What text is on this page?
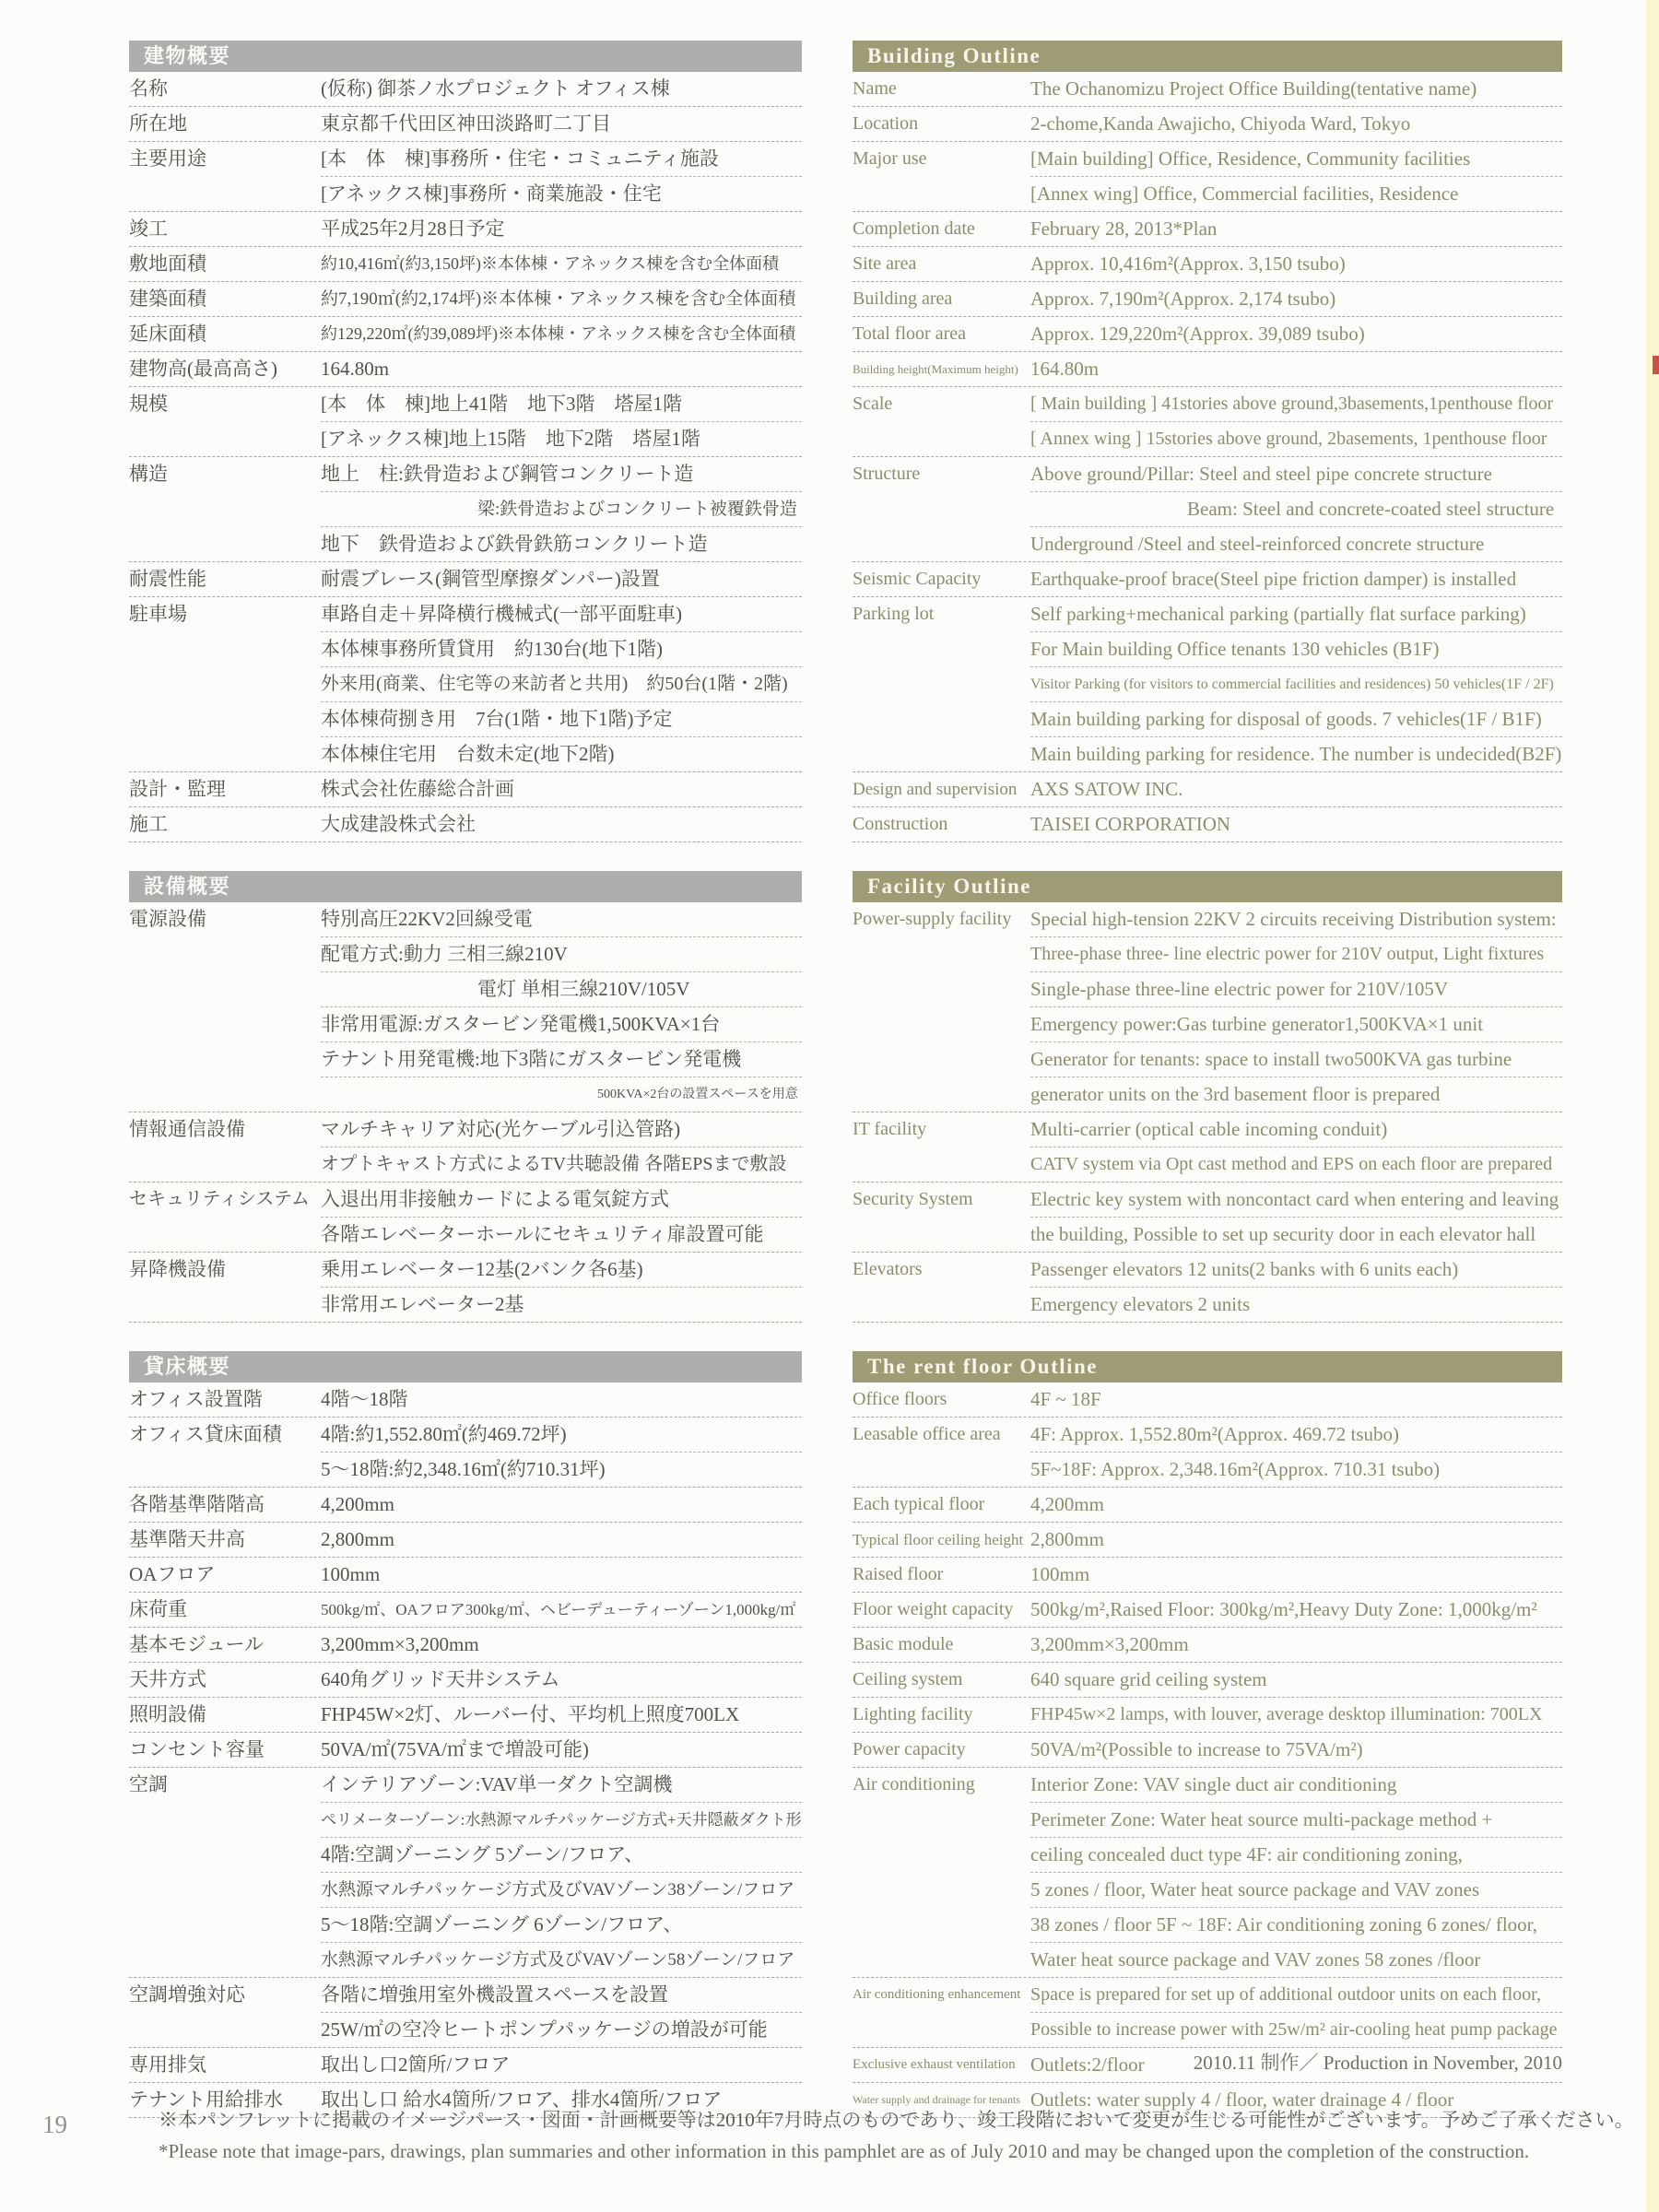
建物概要
名称	(仮称) 御茶ノ水プロジェクト オフィス棟
所在地	東京都千代田区神田淡路町二丁目
主要用途	[本　体　棟]事務所・住宅・コミュニティ施設
[アネックス棟]事務所・商業施設・住宅
竣工	平成25年2月28日予定
敷地面積	約10,416㎡(約3,150坪)※本体棟・アネックス棟を含む全体面積
建築面積	約7,190㎡(約2,174坪)※本体棟・アネックス棟を含む全体面積
延床面積	約129,220㎡(約39,089坪)※本体棟・アネックス棟を含む全体面積
建物高(最高高さ)	164.80m
規模	[本　体　棟]地上41階　地下3階　塔屋1階
[アネックス棟]地上15階　地下2階　塔屋1階
構造	地上　柱:鉄骨造および鋼管コンクリート造
梁:鉄骨造およびコンクリート被覆鉄骨造
地下　鉄骨造および鉄骨鉄筋コンクリート造
耐震性能	耐震ブレース(鋼管型摩擦ダンパー)設置
駐車場	車路自走＋昇降横行機械式(一部平面駐車)
本体棟事務所賃貸用　約130台(地下1階)
外来用(商業、住宅等の来訪者と共用)　約50台(1階・2階)
本体棟荷捌き用　7台(1階・地下1階)予定
本体棟住宅用　台数未定(地下2階)
設計・監理	株式会社佐藤総合計画
施工	大成建設株式会社
設備概要
電源設備	特別高圧22KV2回線受電
配電方式:動力 三相三線210V
電灯 単相三線210V/105V
非常用電源:ガスタービン発電機1,500KVA×1台
テナント用発電機:地下3階にガスタービン発電機
500KVA×2台の設置スペースを用意
情報通信設備	マルチキャリア対応(光ケーブル引込管路)
オプトキャスト方式によるTV共聴設備 各階EPSまで敷設
セキュリティシステム 入退出用非接触カードによる電気錠方式
各階エレベーターホールにセキュリティ扉設置可能
昇降機設備	乗用エレベーター12基(2バンク各6基)
非常用エレベーター2基
貸床概要
オフィス設置階	4階〜18階
オフィス貸床面積	4階:約1,552.80㎡(約469.72坪)
5〜18階:約2,348.16㎡(約710.31坪)
各階基準階階高	4,200mm
基準階天井高	2,800mm
OAフロア	100mm
床荷重	500kg/㎡、OAフロア300kg/㎡、ヘビーデューティーゾーン1,000kg/㎡
基本モジュール	3,200mm×3,200mm
天井方式	640角グリッド天井システム
照明設備	FHP45W×2灯、ルーバー付、平均机上照度700LX
コンセント容量	50VA/㎡(75VA/㎡まで増設可能)
空調	インテリアゾーン:VAV単一ダクト空調機
ペリメーターゾーン:水熱源マルチパッケージ方式+天井隠蔽ダクト形
4階:空調ゾーニング 5ゾーン/フロア、
水熱源マルチパッケージ方式及びVAVゾーン38ゾーン/フロア
5〜18階:空調ゾーニング 6ゾーン/フロア、
水熱源マルチパッケージ方式及びVAVゾーン58ゾーン/フロア
空調増強対応	各階に増強用室外機設置スペースを設置
25W/㎡の空冷ヒートポンプパッケージの増設が可能
専用排気	取出し口2箇所/フロア
テナント用給排水	取出し口 給水4箇所/フロア、排水4箇所/フロア
Building Outline
Name	The Ochanomizu Project Office Building(tentative name)
Location	2-chome,Kanda Awajicho, Chiyoda Ward, Tokyo
Major use	[Main building] Office, Residence, Community facilities
[Annex wing] Office, Commercial facilities, Residence
Completion date	February 28, 2013*Plan
Site area	Approx. 10,416m²(Approx. 3,150 tsubo)
Building area	Approx. 7,190m²(Approx. 2,174 tsubo)
Total floor area	Approx. 129,220m²(Approx. 39,089 tsubo)
Building height(Maximum height) 164.80m
Scale	[ Main building ] 41stories above ground,3basements,1penthouse floor
[ Annex wing ] 15stories above ground, 2basements, 1penthouse floor
Structure	Above ground/Pillar: Steel and steel pipe concrete structure
Beam: Steel and concrete-coated steel structure
Underground /Steel and steel-reinforced concrete structure
Seismic Capacity	Earthquake-proof brace(Steel pipe friction damper) is installed
Parking lot	Self parking+mechanical parking (partially flat surface parking)
For Main building Office tenants 130 vehicles (B1F)
Visitor Parking (for visitors to commercial facilities and residences) 50 vehicles(1F / 2F)
Main building parking for disposal of goods. 7 vehicles(1F / B1F)
Main building parking for residence. The number is undecided(B2F)
Design and supervision AXS SATOW INC.
Construction	TAISEI CORPORATION
Facility Outline
Power-supply facility Special high-tension 22KV 2 circuits receiving Distribution system:
Three-phase three- line electric power for 210V output, Light fixtures
Single-phase three-line electric power for 210V/105V
Emergency power:Gas turbine generator1,500KVA×1 unit
Generator for tenants: space to install two500KVA gas turbine
generator units on the 3rd basement floor is prepared
IT facility	Multi-carrier (optical cable incoming conduit)
CATV system via Opt cast method and EPS on each floor are prepared
Security System	Electric key system with noncontact card when entering and leaving
the building, Possible to set up security door in each elevator hall
Elevators	Passenger elevators 12 units(2 banks with 6 units each)
Emergency elevators 2 units
The rent floor Outline
Office floors	4F ~ 18F
Leasable office area	4F: Approx. 1,552.80m²(Approx. 469.72 tsubo)
5F~18F: Approx. 2,348.16m²(Approx. 710.31 tsubo)
Each typical floor	4,200mm
Typical floor ceiling height 2,800mm
Raised floor	100mm
Floor weight capacity 500kg/m²,Raised Floor: 300kg/m²,Heavy Duty Zone: 1,000kg/m²
Basic module	3,200mm×3,200mm
Ceiling system	640 square grid ceiling system
Lighting facility	FHP45w×2 lamps, with louver, average desktop illumination: 700LX
Power capacity	50VA/m²(Possible to increase to 75VA/m²)
Air conditioning	Interior Zone: VAV single duct air conditioning
Perimeter Zone: Water heat source multi-package method +
ceiling concealed duct type 4F: air conditioning zoning,
5 zones / floor, Water heat source package and VAV zones
38 zones / floor 5F ~ 18F: Air conditioning zoning 6 zones/ floor,
Water heat source package and VAV zones 58 zones /floor
Air conditioning enhancement Space is prepared for set up of additional outdoor units on each floor,
Possible to increase power with 25w/m² air-cooling heat pump package
Exclusive exhaust ventilation Outlets:2/floor
Water supply and drainage for tenants Outlets: water supply 4 / floor, water drainage 4 / floor
2010.11 制作／ Production in November, 2010
※本パンフレットに掲載のイメージパース・図面・計画概要等は2010年7月時点のものであり、竣工段階において変更が生じる可能性がございます。予めご了承ください。
*Please note that image-pars, drawings, plan summaries and other information in this pamphlet are as of July 2010 and may be changed upon the completion of the construction.
19
